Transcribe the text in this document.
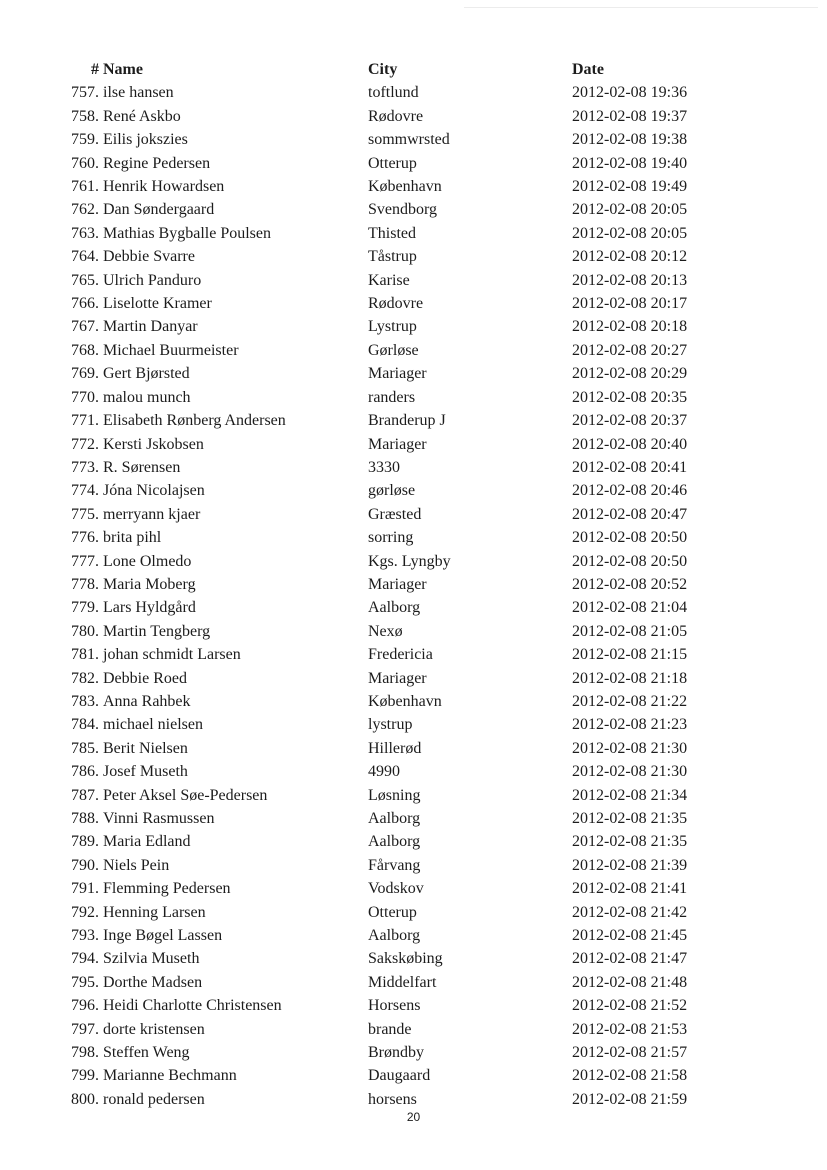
#	Name	City	Date
757.	ilse hansen	toftlund	2012-02-08 19:36
758.	René Askbo	Rødovre	2012-02-08 19:37
759.	Eilis jokszies	sommwrsted	2012-02-08 19:38
760.	Regine Pedersen	Otterup	2012-02-08 19:40
761.	Henrik Howardsen	København	2012-02-08 19:49
762.	Dan Søndergaard	Svendborg	2012-02-08 20:05
763.	Mathias Bygballe Poulsen	Thisted	2012-02-08 20:05
764.	Debbie Svarre	Tåstrup	2012-02-08 20:12
765.	Ulrich Panduro	Karise	2012-02-08 20:13
766.	Liselotte Kramer	Rødovre	2012-02-08 20:17
767.	Martin Danyar	Lystrup	2012-02-08 20:18
768.	Michael Buurmeister	Gørløse	2012-02-08 20:27
769.	Gert Bjørsted	Mariager	2012-02-08 20:29
770.	malou munch	randers	2012-02-08 20:35
771.	Elisabeth Rønberg Andersen	Branderup J	2012-02-08 20:37
772.	Kersti Jskobsen	Mariager	2012-02-08 20:40
773.	R. Sørensen	3330	2012-02-08 20:41
774.	Jóna Nicolajsen	gørløse	2012-02-08 20:46
775.	merryann kjaer	Græsted	2012-02-08 20:47
776.	brita pihl	sorring	2012-02-08 20:50
777.	Lone Olmedo	Kgs. Lyngby	2012-02-08 20:50
778.	Maria Moberg	Mariager	2012-02-08 20:52
779.	Lars Hyldgård	Aalborg	2012-02-08 21:04
780.	Martin Tengberg	Nexø	2012-02-08 21:05
781.	johan schmidt Larsen	Fredericia	2012-02-08 21:15
782.	Debbie Roed	Mariager	2012-02-08 21:18
783.	Anna Rahbek	København	2012-02-08 21:22
784.	michael nielsen	lystrup	2012-02-08 21:23
785.	Berit Nielsen	Hillerød	2012-02-08 21:30
786.	Josef Museth	4990	2012-02-08 21:30
787.	Peter Aksel Søe-Pedersen	Løsning	2012-02-08 21:34
788.	Vinni Rasmussen	Aalborg	2012-02-08 21:35
789.	Maria Edland	Aalborg	2012-02-08 21:35
790.	Niels Pein	Fårvang	2012-02-08 21:39
791.	Flemming Pedersen	Vodskov	2012-02-08 21:41
792.	Henning Larsen	Otterup	2012-02-08 21:42
793.	Inge Bøgel Lassen	Aalborg	2012-02-08 21:45
794.	Szilvia Museth	Sakskøbing	2012-02-08 21:47
795.	Dorthe Madsen	Middelfart	2012-02-08 21:48
796.	Heidi Charlotte Christensen	Horsens	2012-02-08 21:52
797.	dorte kristensen	brande	2012-02-08 21:53
798.	Steffen Weng	Brøndby	2012-02-08 21:57
799.	Marianne Bechmann	Daugaard	2012-02-08 21:58
800.	ronald pedersen	horsens	2012-02-08 21:59
20
